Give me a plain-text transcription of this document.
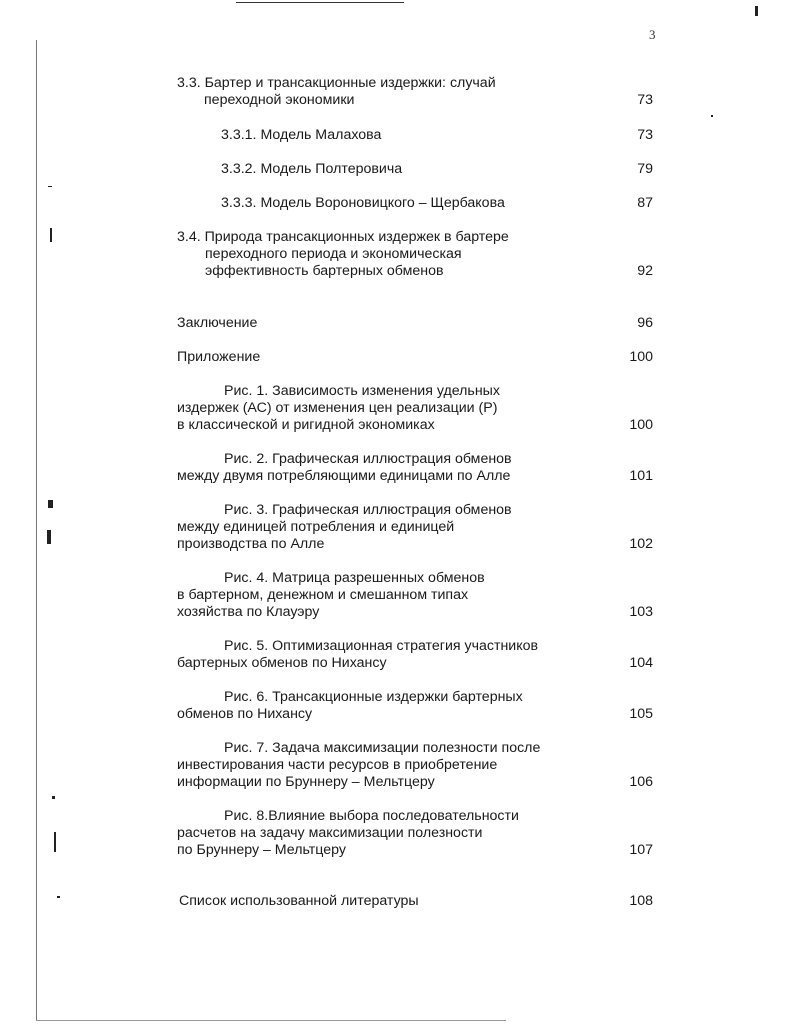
3
3.3. Бартер и трансакционные издержки: случай
переходной экономики	73
3.3.1. Модель Малахова	73
3.3.2. Модель Полтеровича	79
3.3.3. Модель Вороновицкого – Щербакова	87
3.4. Природа трансакционных издержек в бартере
переходного периода и экономическая
эффективность бартерных обменов	92
Заключение	96
Приложение	100
Рис. 1. Зависимость изменения удельных
издержек (АС) от изменения цен реализации (Р)
в классической и ригидной экономиках	100
Рис. 2. Графическая иллюстрация обменов
между двумя потребляющими единицами по Алле	101
Рис. 3. Графическая иллюстрация обменов
между единицей потребления и единицей
производства по Алле	102
Рис. 4. Матрица разрешенных обменов
в бартерном, денежном и смешанном типах
хозяйства по Клауэру	103
Рис. 5. Оптимизационная стратегия участников
бартерных обменов по Нихансу	104
Рис. 6. Трансакционные издержки бартерных
обменов по Нихансу	105
Рис. 7. Задача максимизации полезности после
инвестирования части ресурсов в приобретение
информации по Бруннеру – Мельтцеру	106
Рис. 8.Влияние выбора последовательности
расчетов на задачу максимизации полезности
по Бруннеру – Мельтцеру	107
Список использованной литературы	108
